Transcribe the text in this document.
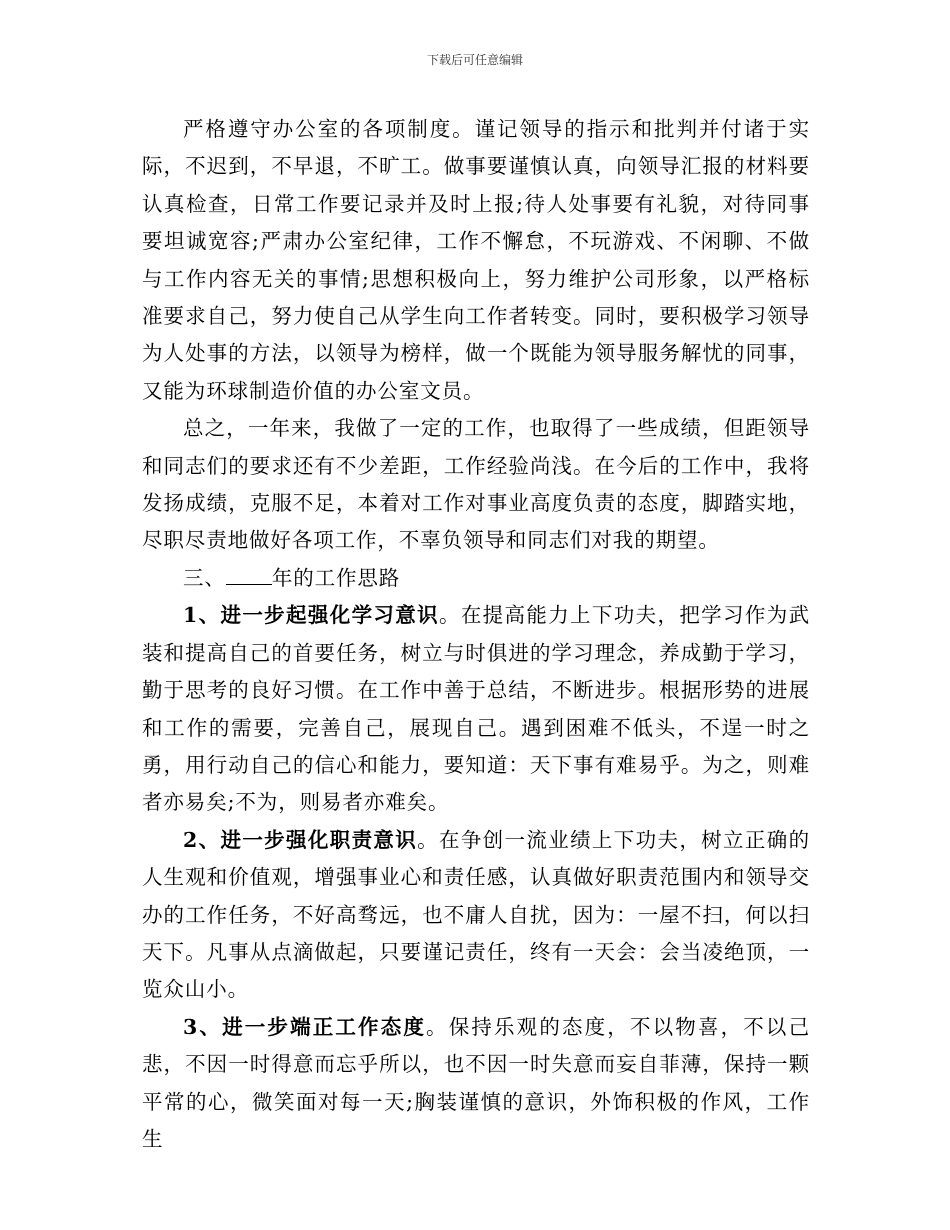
下载后可任意编辑

严格遵守办公室的各项制度。谨记领导的指示和批判并付诸于实际，不迟到，不早退，不旷工。做事要谨慎认真，向领导汇报的材料要认真检查，日常工作要记录并及时上报;待人处事要有礼貌，对待同事要坦诚宽容;严肃办公室纪律，工作不懈怠，不玩游戏、不闲聊、不做与工作内容无关的事情;思想积极向上，努力维护公司形象，以严格标准要求自己，努力使自己从学生向工作者转变。同时，要积极学习领导为人处事的方法，以领导为榜样，做一个既能为领导服务解忧的同事，又能为环球制造价值的办公室文员。

总之，一年来，我做了一定的工作，也取得了一些成绩，但距领导和同志们的要求还有不少差距，工作经验尚浅。在今后的工作中，我将发扬成绩，克服不足，本着对工作对事业高度负责的态度，脚踏实地，尽职尽责地做好各项工作，不辜负领导和同志们对我的期望。

三、 年的工作思路

1、进一步起强化学习意识。在提高能力上下功夫，把学习作为武装和提高自己的首要任务，树立与时俱进的学习理念，养成勤于学习，勤于思考的良好习惯。在工作中善于总结，不断进步。根据形势的进展和工作的需要，完善自己，展现自己。遇到困难不低头，不逞一时之勇，用行动自己的信心和能力，要知道：天下事有难易乎。为之，则难者亦易矣;不为，则易者亦难矣。

2、进一步强化职责意识。在争创一流业绩上下功夫，树立正确的人生观和价值观，增强事业心和责任感，认真做好职责范围内和领导交办的工作任务，不好高骛远，也不庸人自扰，因为：一屋不扫，何以扫天下。凡事从点滴做起，只要谨记责任，终有一天会：会当凌绝顶，一览众山小。

3、进一步端正工作态度。保持乐观的态度，不以物喜，不以己悲，不因一时得意而忘乎所以，也不因一时失意而妄自菲薄，保持一颗平常的心，微笑面对每一天;胸装谨慎的意识，外饰积极的作风，工作生
